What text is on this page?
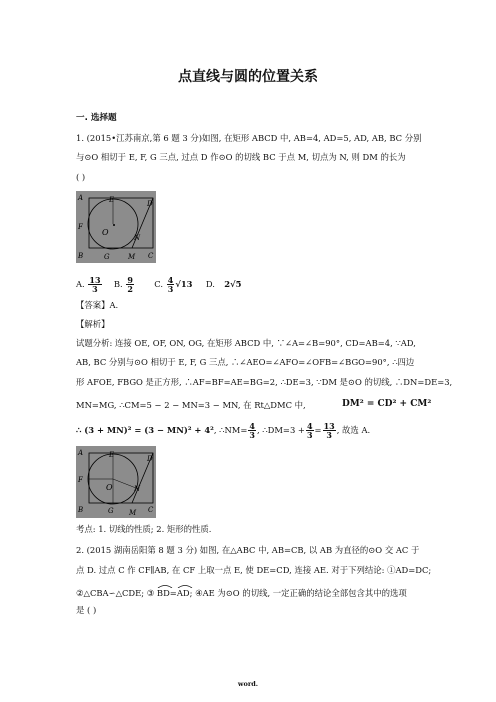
点直线与圆的位置关系
一. 选择题
1. (2015•江苏南京,第 6 题 3 分)如图, 在矩形 ABCD 中, AB=4, AD=5, AD, AB, BC 分别
与⊙O 相切于 E, F, G 三点, 过点 D 作⊙O 的切线 BC 于点 M, 切点为 N, 则 DM 的长为
( )
A	E	D
F
O
N
B	G	M C
A. $\frac{13}{3} B$. $\frac{9}{2} C$. $\frac{4}{3} √13$ D. 2√5
【答案】A.
【解析】
试题分析: 连接 OE, OF, ON, OG, 在矩形 ABCD 中, ∵∠A=∠B=90°, CD=AB=4, ∵AD,
AB, BC 分别与⊙O 相切于 E, F, G 三点, ∴∠AEO=∠AFO=∠OFB=∠BGO=90°, ∴四边
形 AFOE, FBGO 是正方形, ∴AF=BF=AE=BG=2, ∴DE=3, ∵DM 是⊙O 的切线, ∴DN=DE=3,
MN=MG, ∴CM=5 − 2 − MN=3 − MN, 在 Rt△DMC 中,	DM² = CD² + CM²
∴ (3 + MN)² = (3 − MN)² + 4², ∴NM= $\frac{4}{3}$ , ∴DM=3 + $\frac{4}{3} = \frac{13}{3}$ , 故选 A.
A	E	D
F
O	N
B	G M C
考点: 1. 切线的性质; 2. 矩形的性质.
2. (2015 湖南岳阳第 8 题 3 分) 如图, 在△ABC 中, AB=CB, 以 AB 为直径的⊙O 交 AC 于
点 D. 过点 C 作 CF∥AB, 在 CF 上取一点 E, 使 DE=CD, 连接 AE. 对于下列结论: ①AD=DC;
②△CBA∽△CDE; ③ BD=
AD; ④AE 为⊙O 的切线, 一定正确的结论全部包含其中的选项
是 ( )
word.
